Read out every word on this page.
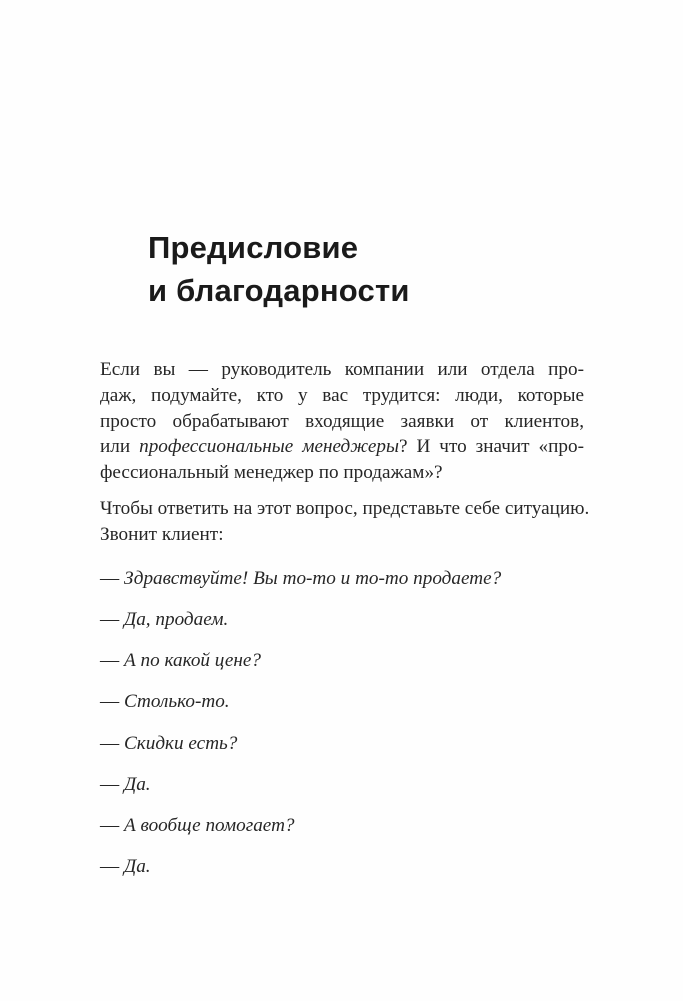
Предисловие
и благодарности
Если вы — руководитель компании или отдела про-
даж, подумайте, кто у вас трудится: люди, которые
просто обрабатывают входящие заявки от клиентов,
или профессиональные менеджеры? И что значит «про-
фессиональный менеджер по продажам»?
Чтобы ответить на этот вопрос, представьте себе ситуацию.
Звонит клиент:

— Здравствуйте! Вы то-то и то-то продаете?

— Да, продаем.

— А по какой цене?

— Столько-то.

— Скидки есть?

— Да.

— А вообще помогает?

— Да.
